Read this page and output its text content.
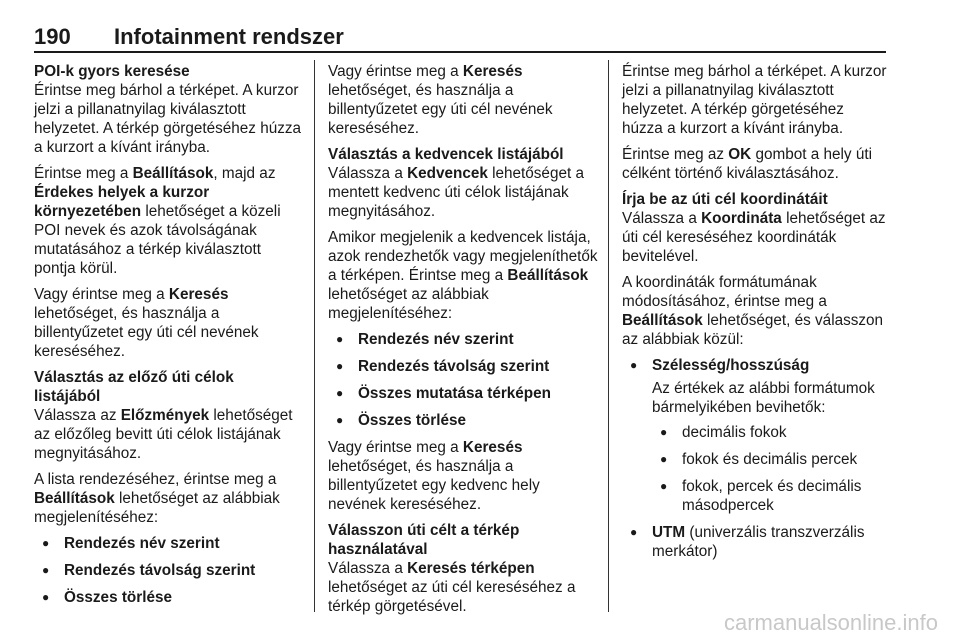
190 Infotainment rendszer

POI-k gyors keresése

Érintse meg bárhol a térképet. A kurzor jelzi a pillanatnyilag kiválasztott helyzetet. A térkép görgetéséhez húzza a kurzort a kívánt irányba.

Érintse meg a Beállítások, majd az Érdekes helyek a kurzor környezetében lehetőséget a közeli POI nevek és azok távolságának mutatásához a térkép kiválasztott pontja körül.

Vagy érintse meg a Keresés lehetőséget, és használja a billentyűzetet egy úti cél nevének kereséséhez.

Választás az előző úti célok listájából

Válassza az Előzmények lehetőséget az előzőleg bevitt úti célok listájának megnyitásához.

A lista rendezéséhez, érintse meg a Beállítások lehetőséget az alábbiak megjelenítéséhez:

● Rendezés név szerint
● Rendezés távolság szerint
● Összes törlése

Vagy érintse meg a Keresés lehetőséget, és használja a billentyűzetet egy úti cél nevének kereséséhez.

Választás a kedvencek listájából

Válassza a Kedvencek lehetőséget a mentett kedvenc úti célok listájának megnyitásához.

Amikor megjelenik a kedvencek listája, azok rendezhetők vagy megjeleníthetők a térképen. Érintse meg a Beállítások lehetőséget az alábbiak megjelenítéséhez:

● Rendezés név szerint
● Rendezés távolság szerint
● Összes mutatása térképen
● Összes törlése

Vagy érintse meg a Keresés lehetőséget, és használja a billentyűzetet egy kedvenc hely nevének kereséséhez.

Válasszon úti célt a térkép használatával

Válassza a Keresés térképen lehetőséget az úti cél kereséséhez a térkép görgetésével.

Érintse meg bárhol a térképet. A kurzor jelzi a pillanatnyilag kiválasztott helyzetet. A térkép görgetéséhez húzza a kurzort a kívánt irányba.

Érintse meg az OK gombot a hely úti célként történő kiválasztásához.

Írja be az úti cél koordinátáit

Válassza a Koordináta lehetőséget az úti cél kereséséhez koordináták bevitelével.

A koordináták formátumának módosításához, érintse meg a Beállítások lehetőséget, és válasszon az alábbiak közül:

● Szélesség/hosszúság
Az értékek az alábbi formátumok bármelyikében bevihetők:
● decimális fokok
● fokok és decimális percek
● fokok, percek és decimális másodpercek
● UTM (univerzális transzverzális merkátor)
carmanualsonline.info
